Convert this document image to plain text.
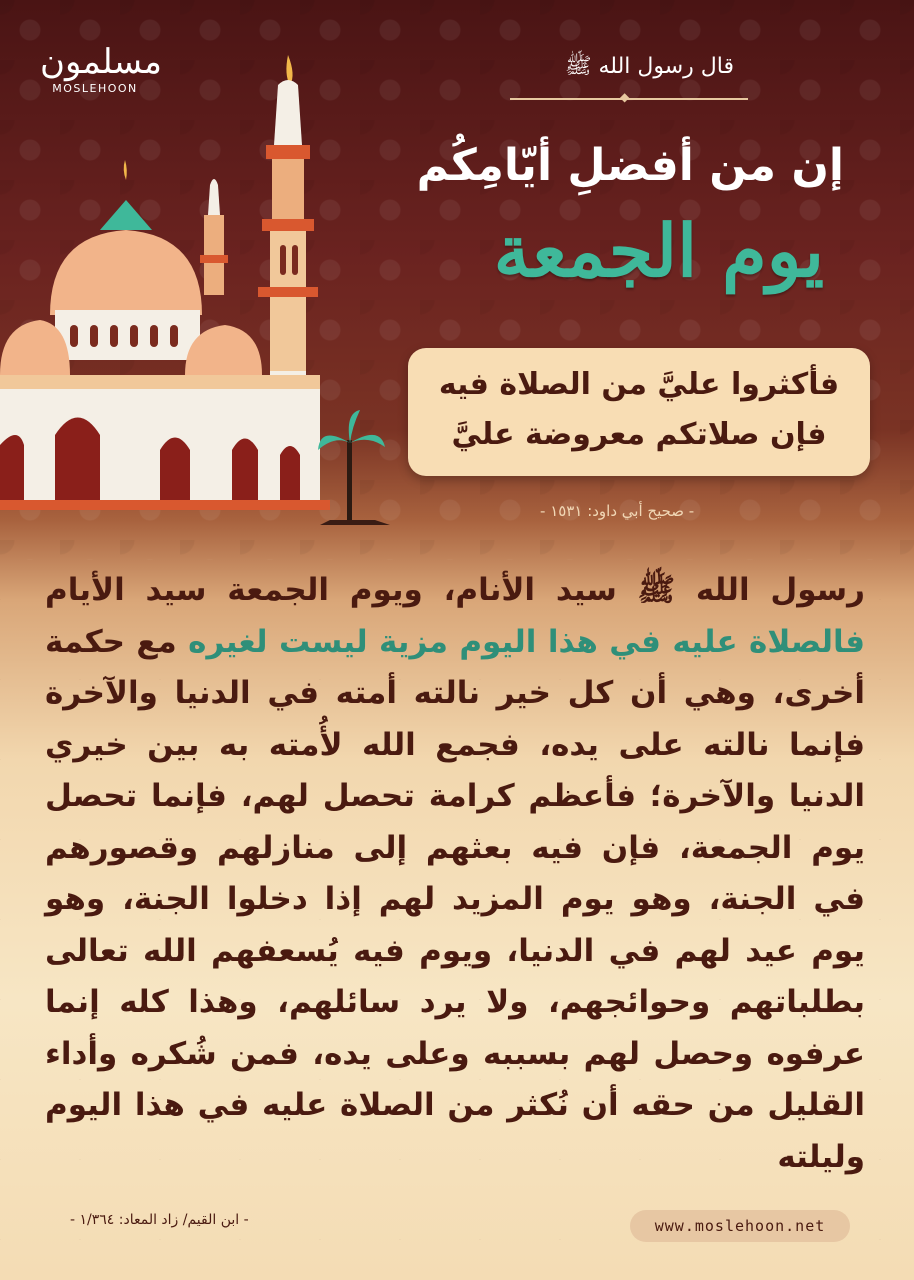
مسلمون
MOSLEHOON
قال رسول الله ﷺ
◆
إن من أفضلِ أيّامِكُم
يوم الجمعة
فأكثروا عليَّ من الصلاة فيه
فإن صلاتكم معروضة عليَّ
- صحيح أبي داود: ١٥٣١ -
رسول الله ﷺ سيد الأنام، ويوم الجمعة سيد الأيام فالصلاة عليه في هذا اليوم مزية ليست لغيره مع حكمة أخرى، وهي أن كل خير نالته أمته في الدنيا والآخرة فإنما نالته على يده، فجمع الله لأُمته به بين خيري الدنيا والآخرة؛ فأعظم كرامة تحصل لهم، فإنما تحصل يوم الجمعة، فإن فيه بعثهم إلى منازلهم وقصورهم في الجنة، وهو يوم المزيد لهم إذا دخلوا الجنة، وهو يوم عيد لهم في الدنيا، ويوم فيه يُسعفهم الله تعالى بطلباتهم وحوائجهم، ولا يرد سائلهم، وهذا كله إنما عرفوه وحصل لهم بسببه وعلى يده، فمن شُكره وأداء القليل من حقه أن نُكثر من الصلاة عليه في هذا اليوم وليلته
- ابن القيم/ زاد المعاد: ١/٣٦٤ -	www.moslehoon.net
